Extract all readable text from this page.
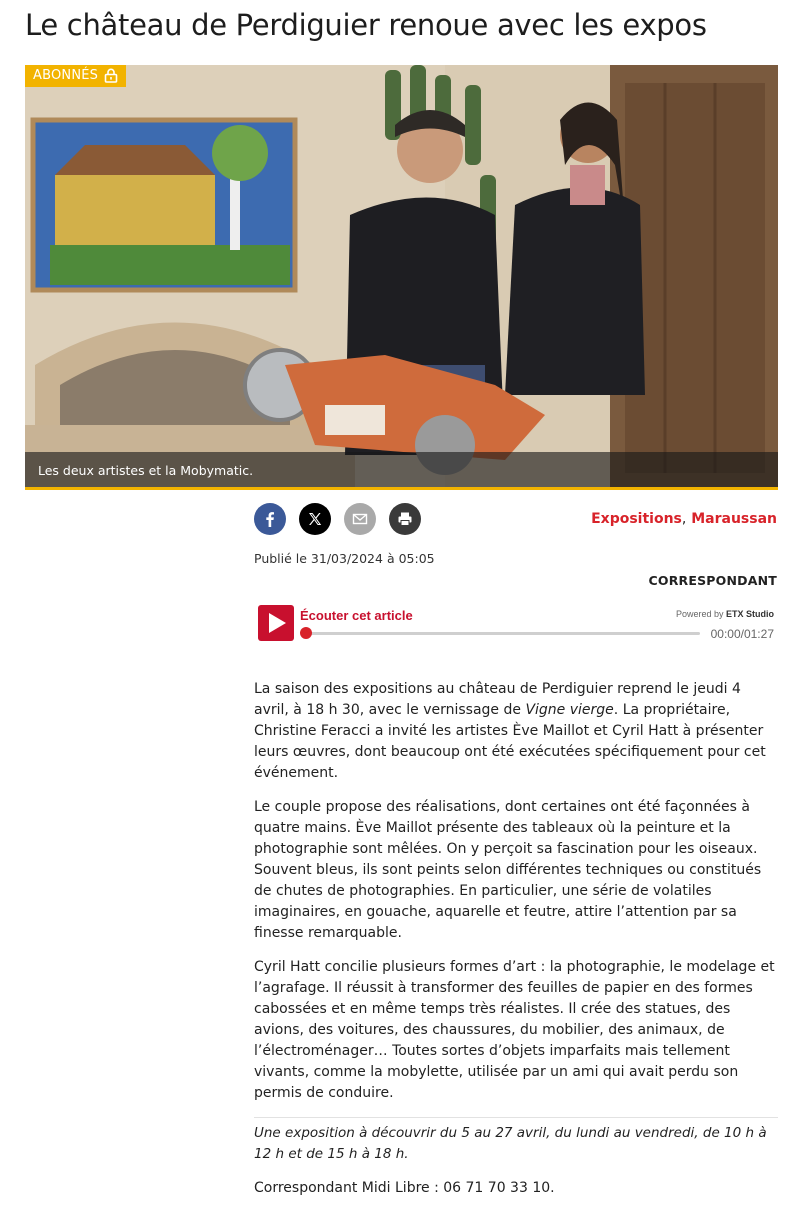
Le château de Perdiguier renoue avec les expos
ABONNÉS
Les deux artistes et la Mobymatic.
Expositions, Maraussan
Publié le 31/03/2024 à 05:05
CORRESPONDANT
Écouter cet article	Powered by ETX Studio
00:00/01:27

La saison des expositions au château de Perdiguier reprend le jeudi 4 avril, à 18 h 30, avec le vernissage de Vigne vierge. La propriétaire, Christine Feracci a invité les artistes Ève Maillot et Cyril Hatt à présenter leurs œuvres, dont beaucoup ont été exécutées spécifiquement pour cet événement.

Le couple propose des réalisations, dont certaines ont été façonnées à quatre mains. Ève Maillot présente des tableaux où la peinture et la photographie sont mêlées. On y perçoit sa fascination pour les oiseaux. Souvent bleus, ils sont peints selon différentes techniques ou constitués de chutes de photographies. En particulier, une série de volatiles imaginaires, en gouache, aquarelle et feutre, attire l’attention par sa finesse remarquable.

Cyril Hatt concilie plusieurs formes d’art : la photographie, le modelage et l’agrafage. Il réussit à transformer des feuilles de papier en des formes cabossées et en même temps très réalistes. Il crée des statues, des avions, des voitures, des chaussures, du mobilier, des animaux, de l’électroménager… Toutes sortes d’objets imparfaits mais tellement vivants, comme la mobylette, utilisée par un ami qui avait perdu son permis de conduire.

Une exposition à découvrir du 5 au 27 avril, du lundi au vendredi, de 10 h à 12 h et de 15 h à 18 h.

Correspondant Midi Libre : 06 71 70 33 10.
